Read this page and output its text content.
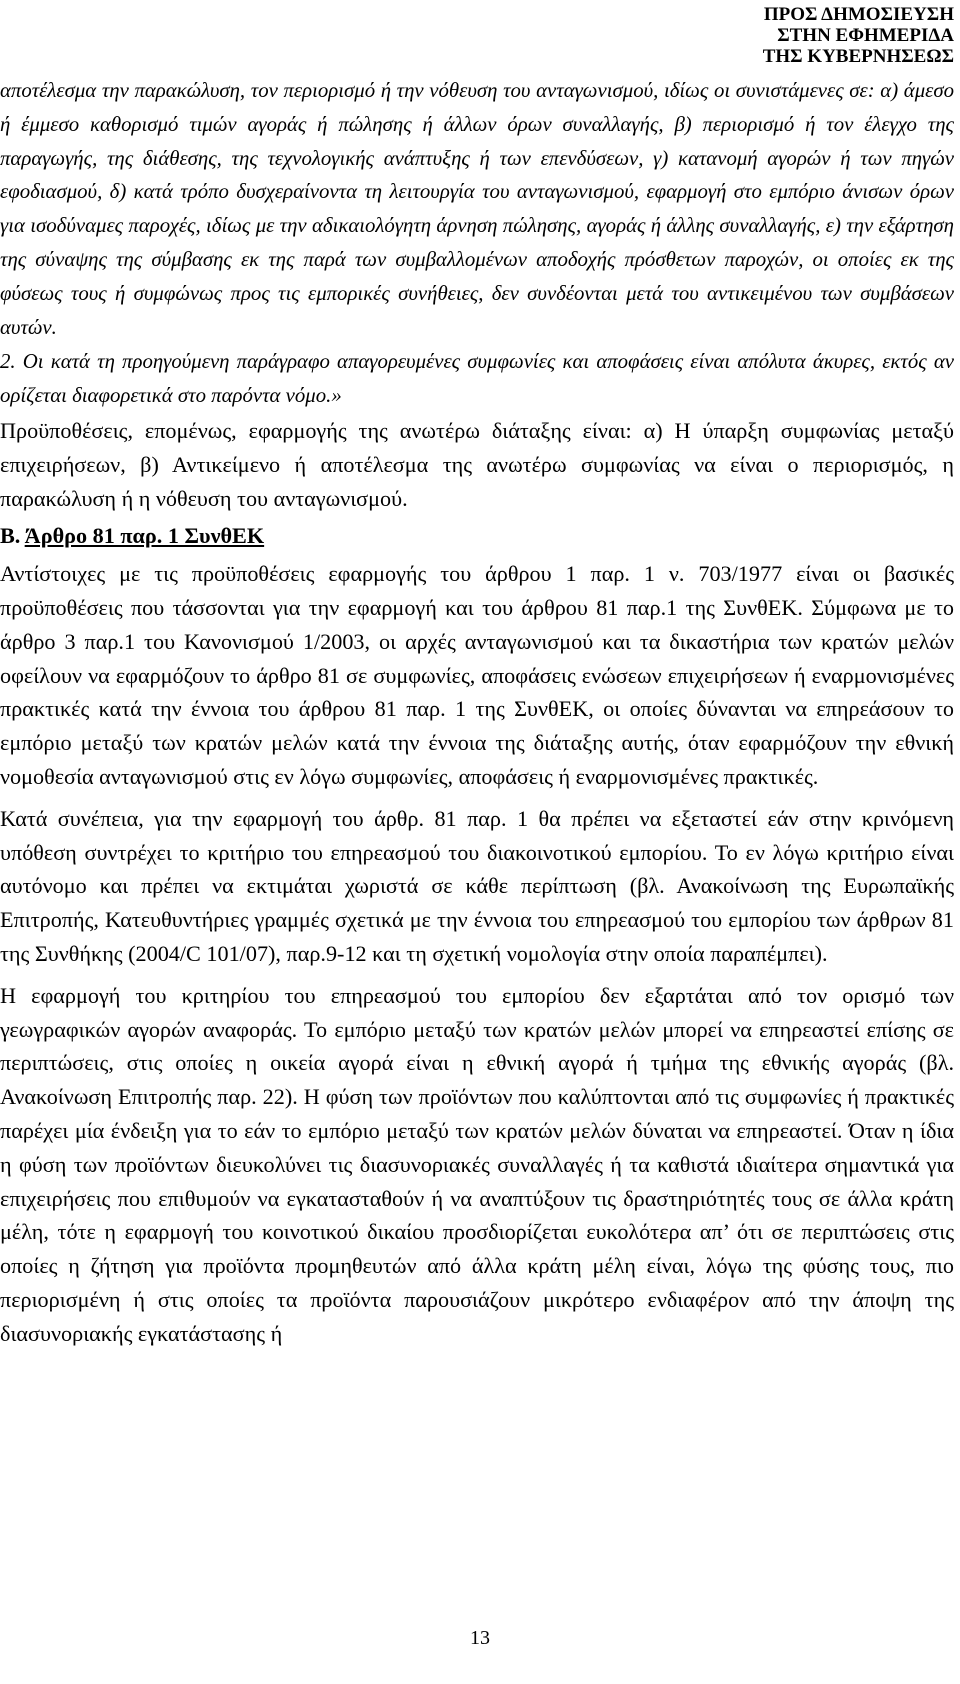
ΠΡΟΣ ΔΗΜΟΣΙΕΥΣΗ
ΣΤΗΝ ΕΦΗΜΕΡΙΔΑ
ΤΗΣ ΚΥΒΕΡΝΗΣΕΩΣ

αποτέλεσμα την παρακώλυση, τον περιορισμό ή την νόθευση του ανταγωνισμού, ιδίως οι συνιστάμενες σε: α) άμεσο ή έμμεσο καθορισμό τιμών αγοράς ή πώλησης ή άλλων όρων συναλλαγής, β) περιορισμό ή τον έλεγχο της παραγωγής, της διάθεσης, της τεχνολογικής ανάπτυξης ή των επενδύσεων, γ) κατανομή αγορών ή των πηγών εφοδιασμού, δ) κατά τρόπο δυσχεραίνοντα τη λειτουργία του ανταγωνισμού, εφαρμογή στο εμπόριο άνισων όρων για ισοδύναμες παροχές, ιδίως με την αδικαιολόγητη άρνηση πώλησης, αγοράς ή άλλης συναλλαγής, ε) την εξάρτηση της σύναψης της σύμβασης εκ της παρά των συμβαλλομένων αποδοχής πρόσθετων παροχών, οι οποίες εκ της φύσεως τους ή συμφώνως προς τις εμπορικές συνήθειες, δεν συνδέονται μετά του αντικειμένου των συμβάσεων αυτών.

2. Οι κατά τη προηγούμενη παράγραφο απαγορευμένες συμφωνίες και αποφάσεις είναι απόλυτα άκυρες, εκτός αν ορίζεται διαφορετικά στο παρόντα νόμο.»

Προϋποθέσεις, επομένως, εφαρμογής της ανωτέρω διάταξης είναι: α) Η ύπαρξη συμφωνίας μεταξύ επιχειρήσεων, β) Αντικείμενο ή αποτέλεσμα της ανωτέρω συμφωνίας να είναι ο περιορισμός, η παρακώλυση ή η νόθευση του ανταγωνισμού.

Β. Άρθρο 81 παρ. 1 ΣυνθΕΚ

Αντίστοιχες με τις προϋποθέσεις εφαρμογής του άρθρου 1 παρ. 1 ν. 703/1977 είναι οι βασικές προϋποθέσεις που τάσσονται για την εφαρμογή και του άρθρου 81 παρ.1 της ΣυνθΕΚ. Σύμφωνα με το άρθρο 3 παρ.1 του Κανονισμού 1/2003, οι αρχές ανταγωνισμού και τα δικαστήρια των κρατών μελών οφείλουν να εφαρμόζουν το άρθρο 81 σε συμφωνίες, αποφάσεις ενώσεων επιχειρήσεων ή εναρμονισμένες πρακτικές κατά την έννοια του άρθρου 81 παρ. 1 της ΣυνθΕΚ, οι οποίες δύνανται να επηρεάσουν το εμπόριο μεταξύ των κρατών μελών κατά την έννοια της διάταξης αυτής, όταν εφαρμόζουν την εθνική νομοθεσία ανταγωνισμού στις εν λόγω συμφωνίες, αποφάσεις ή εναρμονισμένες πρακτικές.

Κατά συνέπεια, για την εφαρμογή του άρθρ. 81 παρ. 1 θα πρέπει να εξεταστεί εάν στην κρινόμενη υπόθεση συντρέχει το κριτήριο του επηρεασμού του διακοινοτικού εμπορίου. Το εν λόγω κριτήριο είναι αυτόνομο και πρέπει να εκτιμάται χωριστά σε κάθε περίπτωση (βλ. Ανακοίνωση της Ευρωπαϊκής Επιτροπής, Κατευθυντήριες γραμμές σχετικά με την έννοια του επηρεασμού του εμπορίου των άρθρων 81 της Συνθήκης (2004/C 101/07), παρ.9-12 και τη σχετική νομολογία στην οποία παραπέμπει).

Η εφαρμογή του κριτηρίου του επηρεασμού του εμπορίου δεν εξαρτάται από τον ορισμό των γεωγραφικών αγορών αναφοράς. Το εμπόριο μεταξύ των κρατών μελών μπορεί να επηρεαστεί επίσης σε περιπτώσεις, στις οποίες η οικεία αγορά είναι η εθνική αγορά ή τμήμα της εθνικής αγοράς (βλ. Ανακοίνωση Επιτροπής παρ. 22). Η φύση των προϊόντων που καλύπτονται από τις συμφωνίες ή πρακτικές παρέχει μία ένδειξη για το εάν το εμπόριο μεταξύ των κρατών μελών δύναται να επηρεαστεί. Όταν η ίδια η φύση των προϊόντων διευκολύνει τις διασυνοριακές συναλλαγές ή τα καθιστά ιδιαίτερα σημαντικά για επιχειρήσεις που επιθυμούν να εγκατασταθούν ή να αναπτύξουν τις δραστηριότητές τους σε άλλα κράτη μέλη, τότε η εφαρμογή του κοινοτικού δικαίου πρoσδιορίζεται ευκολότερα απ’ ότι σε περιπτώσεις στις οποίες η ζήτηση για προϊόντα προμηθευτών από άλλα κράτη μέλη είναι, λόγω της φύσης τους, πιο περιορισμένη ή στις οποίες τα προϊόντα παρουσιάζουν μικρότερο ενδιαφέρον από την άποψη της διασυνοριακής εγκατάστασης ή

13
